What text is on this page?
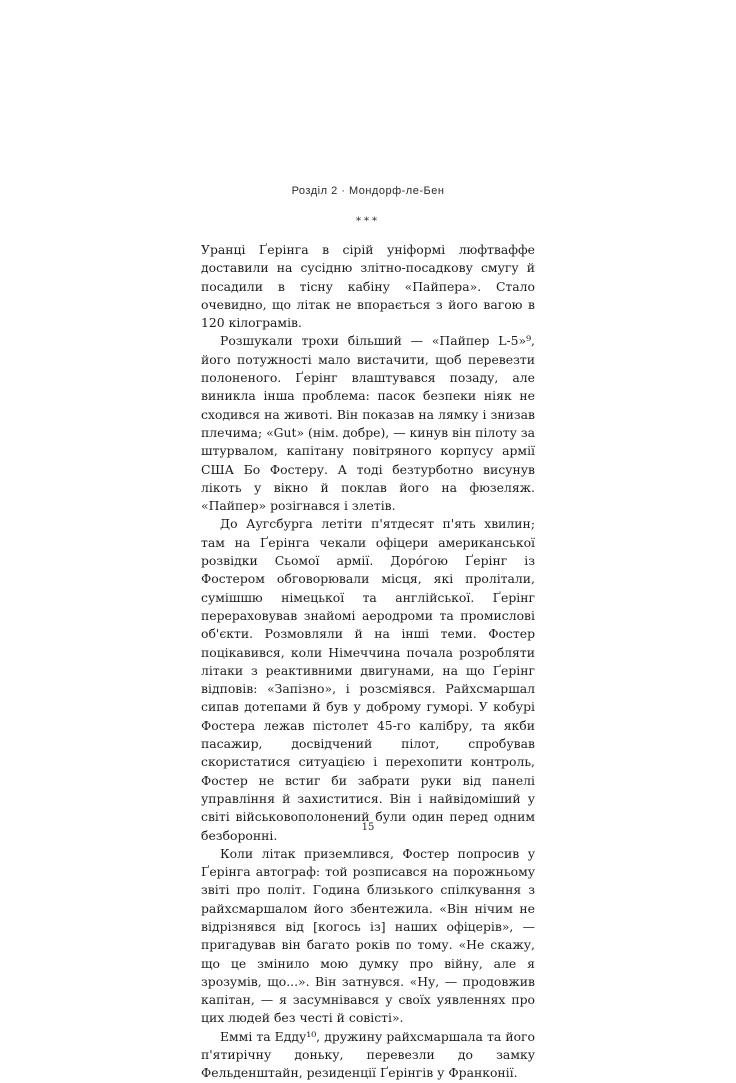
Розділ 2 · Мондорф-ле-Бен
***

Уранці Ґерінга в сірій уніформі люфтваффе доставили на сусідню злітно-посадкову смугу й посадили в тісну кабіну «Пайпера». Стало очевидно, що літак не впорається з його вагою в 120 кілограмів.

Розшукали трохи більший — «Пайпер L-5»⁹, його потужності мало вистачити, щоб перевезти полоненого. Ґерінг влаштувався позаду, але виникла інша проблема: пасок безпеки ніяк не сходився на животі. Він показав на лямку і знизав плечима; «Gut» (нім. добре), — кинув він пілоту за штурвалом, капітану повітряного корпусу армії США Бо Фостеру. А тоді безтурботно висунув лікоть у вікно й поклав його на фюзеляж. «Пайпер» розігнався і злетів.

До Аугсбурга летіти п'ятдесят п'ять хвилин; там на Ґерінга чекали офіцери американської розвідки Сьомої армії. Доро́гою Ґерінг із Фостером обговорювали місця, які пролітали, сумішшю німецької та англійської. Ґерінг перераховував знайомі аеродроми та промислові об'єкти. Розмовляли й на інші теми. Фостер поцікавився, коли Німеччина почала розробляти літаки з реактивними двигунами, на що Ґерінг відповів: «Запізно», і розсміявся. Райхсмаршал сипав дотепами й був у доброму гуморі. У кобурі Фостера лежав пістолет 45-го калібру, та якби пасажир, досвідчений пілот, спробував скористатися ситуацією і перехопити контроль, Фостер не встиг би забрати руки від панелі управління й захиститися. Він і найвідоміший у світі військовополонений були один перед одним безборонні.

Коли літак приземлився, Фостер попросив у Ґерінга автограф: той розписався на порожньому звіті про політ. Година близького спілкування з райхсмаршалом його збентежила. «Він нічим не відрізнявся від [когось із] наших офіцерів», — пригадував він багато років по тому. «Не скажу, що це змінило мою думку про війну, але я зрозумів, що...». Він затнувся. «Ну, — продовжив капітан, — я засумнівався у своїх уявленнях про цих людей без честі й совісті».

Еммі та Едду¹⁰, дружину райхсмаршала та його п'ятирічну доньку, перевезли до замку Фельденштайн, резиденції Ґерінгів у Франконії.

15
